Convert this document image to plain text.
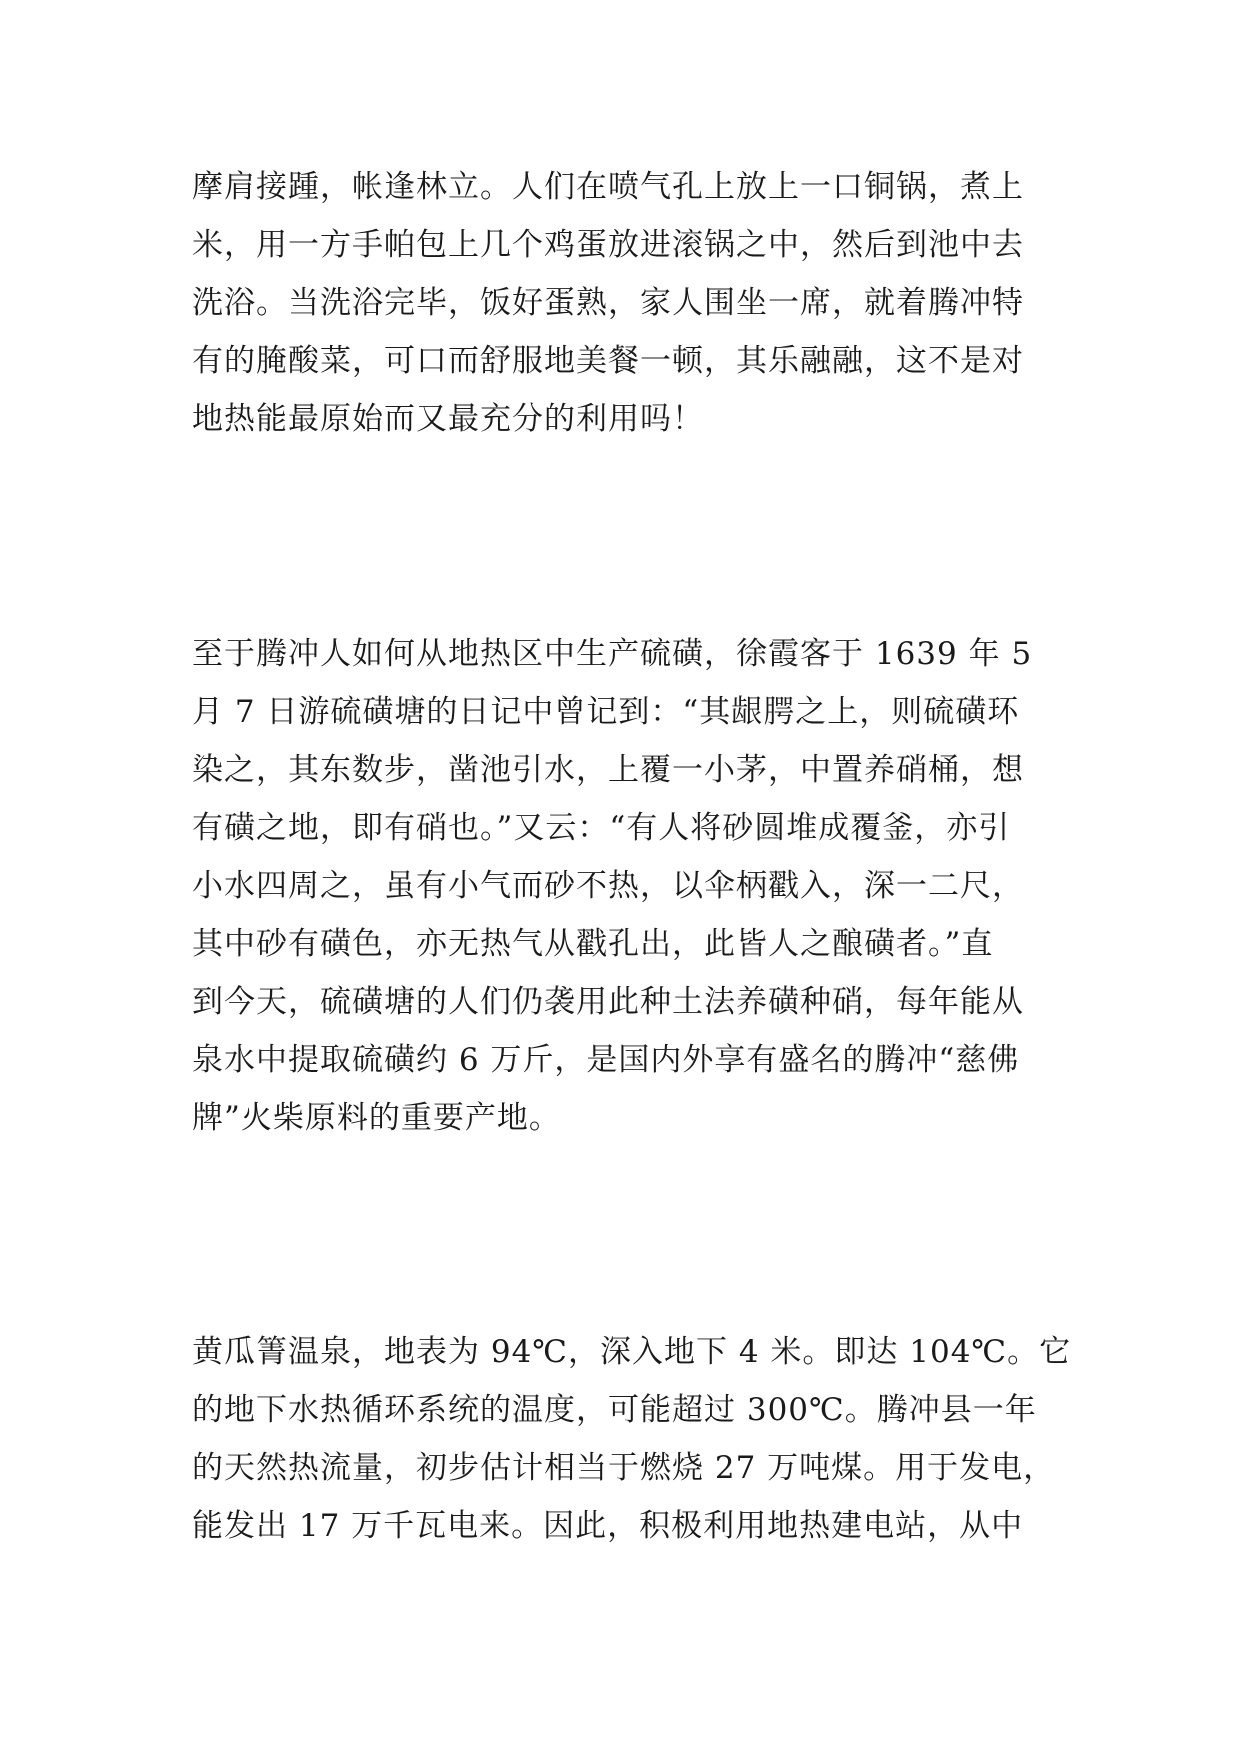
摩肩接踵，帐逢林立。人们在喷气孔上放上一口铜锅，煮上
米，用一方手帕包上几个鸡蛋放进滚锅之中，然后到池中去
洗浴。当洗浴完毕，饭好蛋熟，家人围坐一席，就着腾冲特
有的腌酸菜，可口而舒服地美餐一顿，其乐融融，这不是对
地热能最原始而又最充分的利用吗！
至于腾冲人如何从地热区中生产硫磺，徐霞客于 1639 年 5
月 7 日游硫磺塘的日记中曾记到：“其龈腭之上，则硫磺环
染之，其东数步，凿池引水，上覆一小茅，中置养硝桶，想
有磺之地，即有硝也。”又云：“有人将砂圆堆成覆釜，亦引
小水四周之，虽有小气而砂不热，以伞柄戳入，深一二尺，
其中砂有磺色，亦无热气从戳孔出，此皆人之酿磺者。”直
到今天，硫磺塘的人们仍袭用此种土法养磺种硝，每年能从
泉水中提取硫磺约 6 万斤，是国内外享有盛名的腾冲“慈佛
牌”火柴原料的重要产地。
黄瓜箐温泉，地表为 94℃，深入地下 4 米。即达 104℃。它
的地下水热循环系统的温度，可能超过 300℃。腾冲县一年
的天然热流量，初步估计相当于燃烧 27 万吨煤。用于发电，
能发出 17 万千瓦电来。因此，积极利用地热建电站，从中
